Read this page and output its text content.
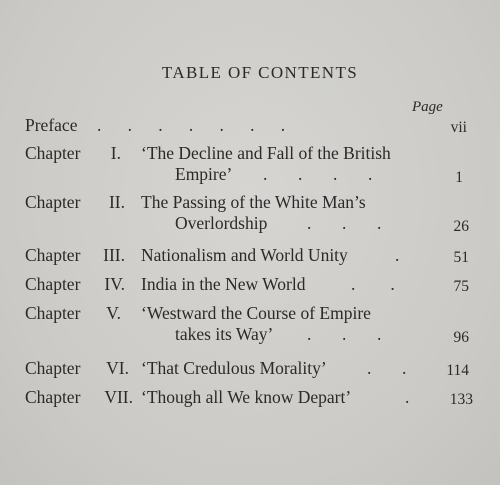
TABLE OF CONTENTS
Page
Preface .      .      .      .      .      .      .	vii
Chapter	I. ‘The Decline and Fall of the British
Empire’ .       .       .       .	1
Chapter	II. The Passing of the White Man’s
Overlordship .       .       .	26
Chapter	III. Nationalism and World Unity	.	51
Chapter	IV. India in the New World	.        .	75
Chapter	V. ‘Westward the Course of Empire
takes its Way’ .       .       .	96
Chapter	VI. ‘That Credulous Morality’ .       .	114
Chapter	VII. ‘Though all We know Depart’	.	133
